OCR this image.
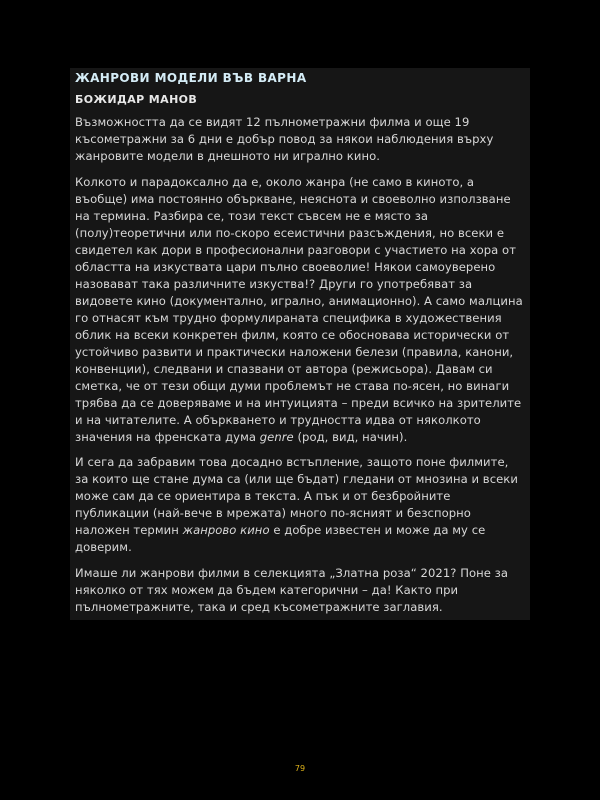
ЖАНРОВИ МОДЕЛИ ВЪВ ВАРНА
БОЖИДАР МАНОВ
Възможността да се видят 12 пълнометражни филма и още 19 късометражни за 6 дни е добър повод за някои наблюдения върху жанровите модели в днешното ни игрално кино.
Колкото и парадоксално да е, около жанра (не само в киното, а въобще) има постоянно объркване, неяснота и своеволно използване на термина. Разбира се, този текст съвсем не е място за (полу)теоретични или по-скоро есеистични разсъждения, но всеки е свидетел как дори в професионални разговори с участието на хора от областта на изкуствата цари пълно своеволие! Някои самоуверено назовават така различните изкуства!? Други го употребяват за видовете кино (документално, игрално, анимационно). А само малцина го отнасят към трудно формулираната специфика в художествения облик на всеки конкретен филм, която се обосновава исторически от устойчиво развити и практически наложени белези (правила, канони, конвенции), следвани и спазвани от автора (режисьора). Давам си сметка, че от тези общи думи проблемът не става по-ясен, но винаги трябва да се доверяваме и на интуицията – преди всичко на зрителите и на читателите. А объркването и трудността идва от няколкото значения на френската дума genre (род, вид, начин).
И сега да забравим това досадно встъпление, защото поне филмите, за които ще стане дума са (или ще бъдат) гледани от мнозина и всеки може сам да се ориентира в текста. А пък и от безбройните публикации (най-вече в мрежата) много по-ясният и безспорно наложен термин жанрово кино е добре известен и може да му се доверим.
Имаше ли жанрови филми в селекцията „Златна роза“ 2021? Поне за няколко от тях можем да бъдем категорични – да! Както при пълнометражните, така и сред късометражните заглавия.
79
